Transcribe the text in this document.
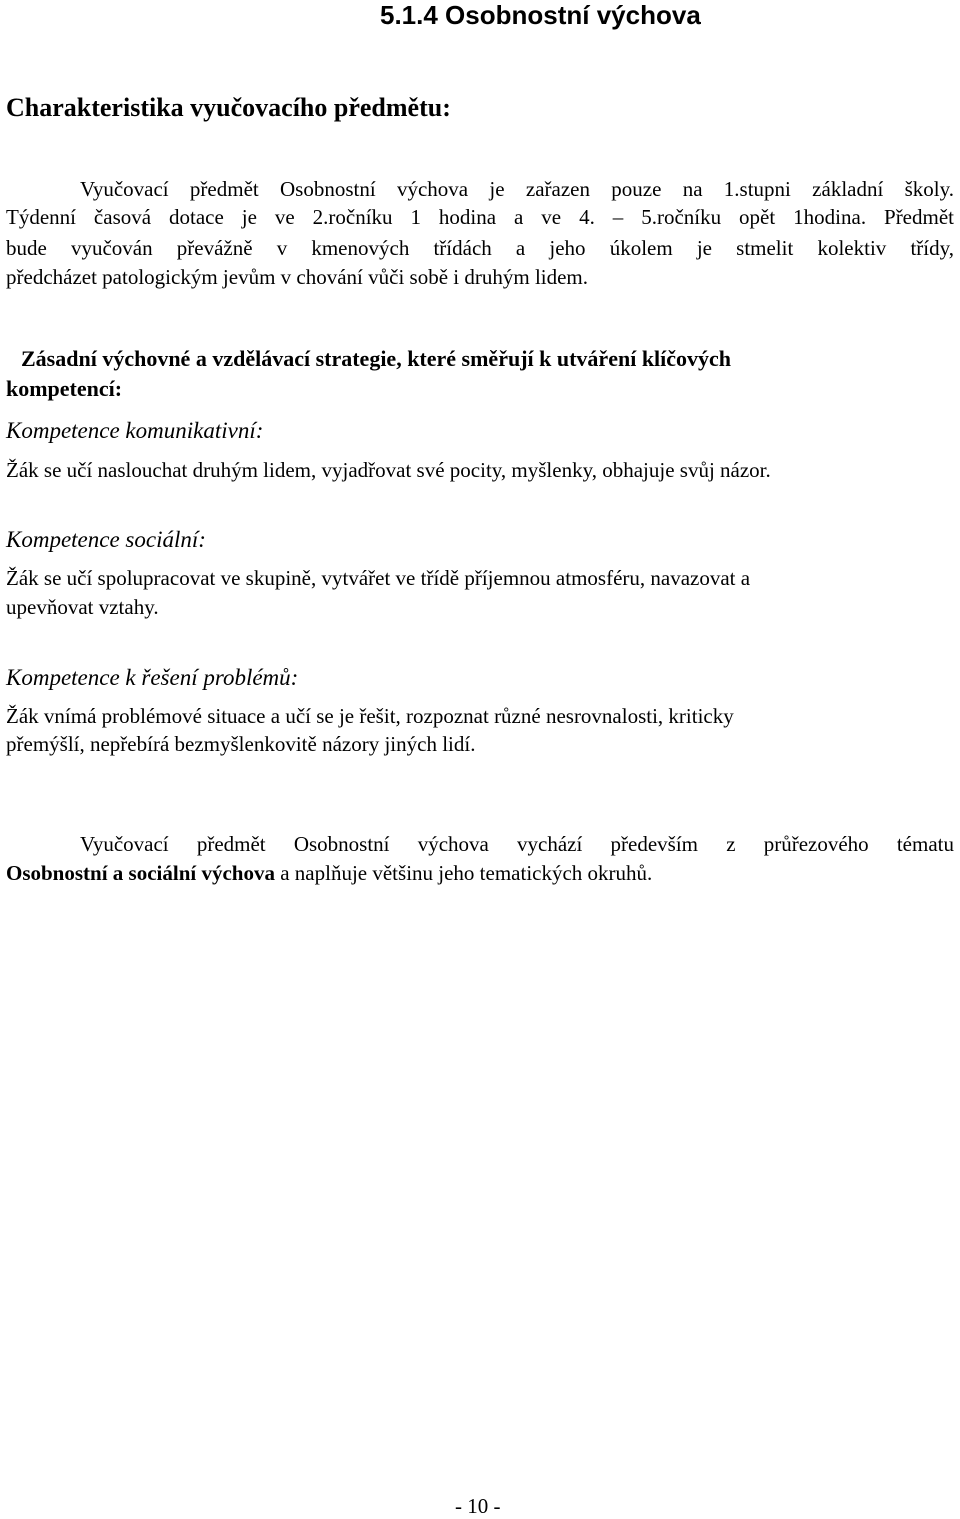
5.1.4 Osobnostní výchova
Charakteristika vyučovacího předmětu:
Vyučovací předmět Osobnostní výchova je zařazen pouze na 1.stupni základní školy.
Týdenní časová dotace je ve 2.ročníku 1 hodina a ve 4. – 5.ročníku opět 1hodina. Předmět
bude vyučován převážně v kmenových třídách a jeho úkolem je stmelit kolektiv třídy,
předcházet patologickým jevům v chování vůči sobě i druhým lidem.
Zásadní výchovné a vzdělávací strategie, které směřují k utváření klíčových
kompetencí:
Kompetence komunikativní:
Žák se učí naslouchat druhým lidem, vyjadřovat své pocity, myšlenky, obhajuje svůj názor.
Kompetence sociální:
Žák se učí spolupracovat ve skupině, vytvářet ve třídě příjemnou atmosféru, navazovat a
upevňovat vztahy.
Kompetence k řešení problémů:
Žák vnímá problémové situace a učí se je řešit, rozpoznat různé nesrovnalosti, kriticky
přemýšlí, nepřebírá bezmyšlenkovitě názory jiných lidí.
Vyučovací předmět Osobnostní výchova vychází především z průřezového tématu
Osobnostní a sociální výchova a naplňuje většinu jeho tematických okruhů.
- 10 -
